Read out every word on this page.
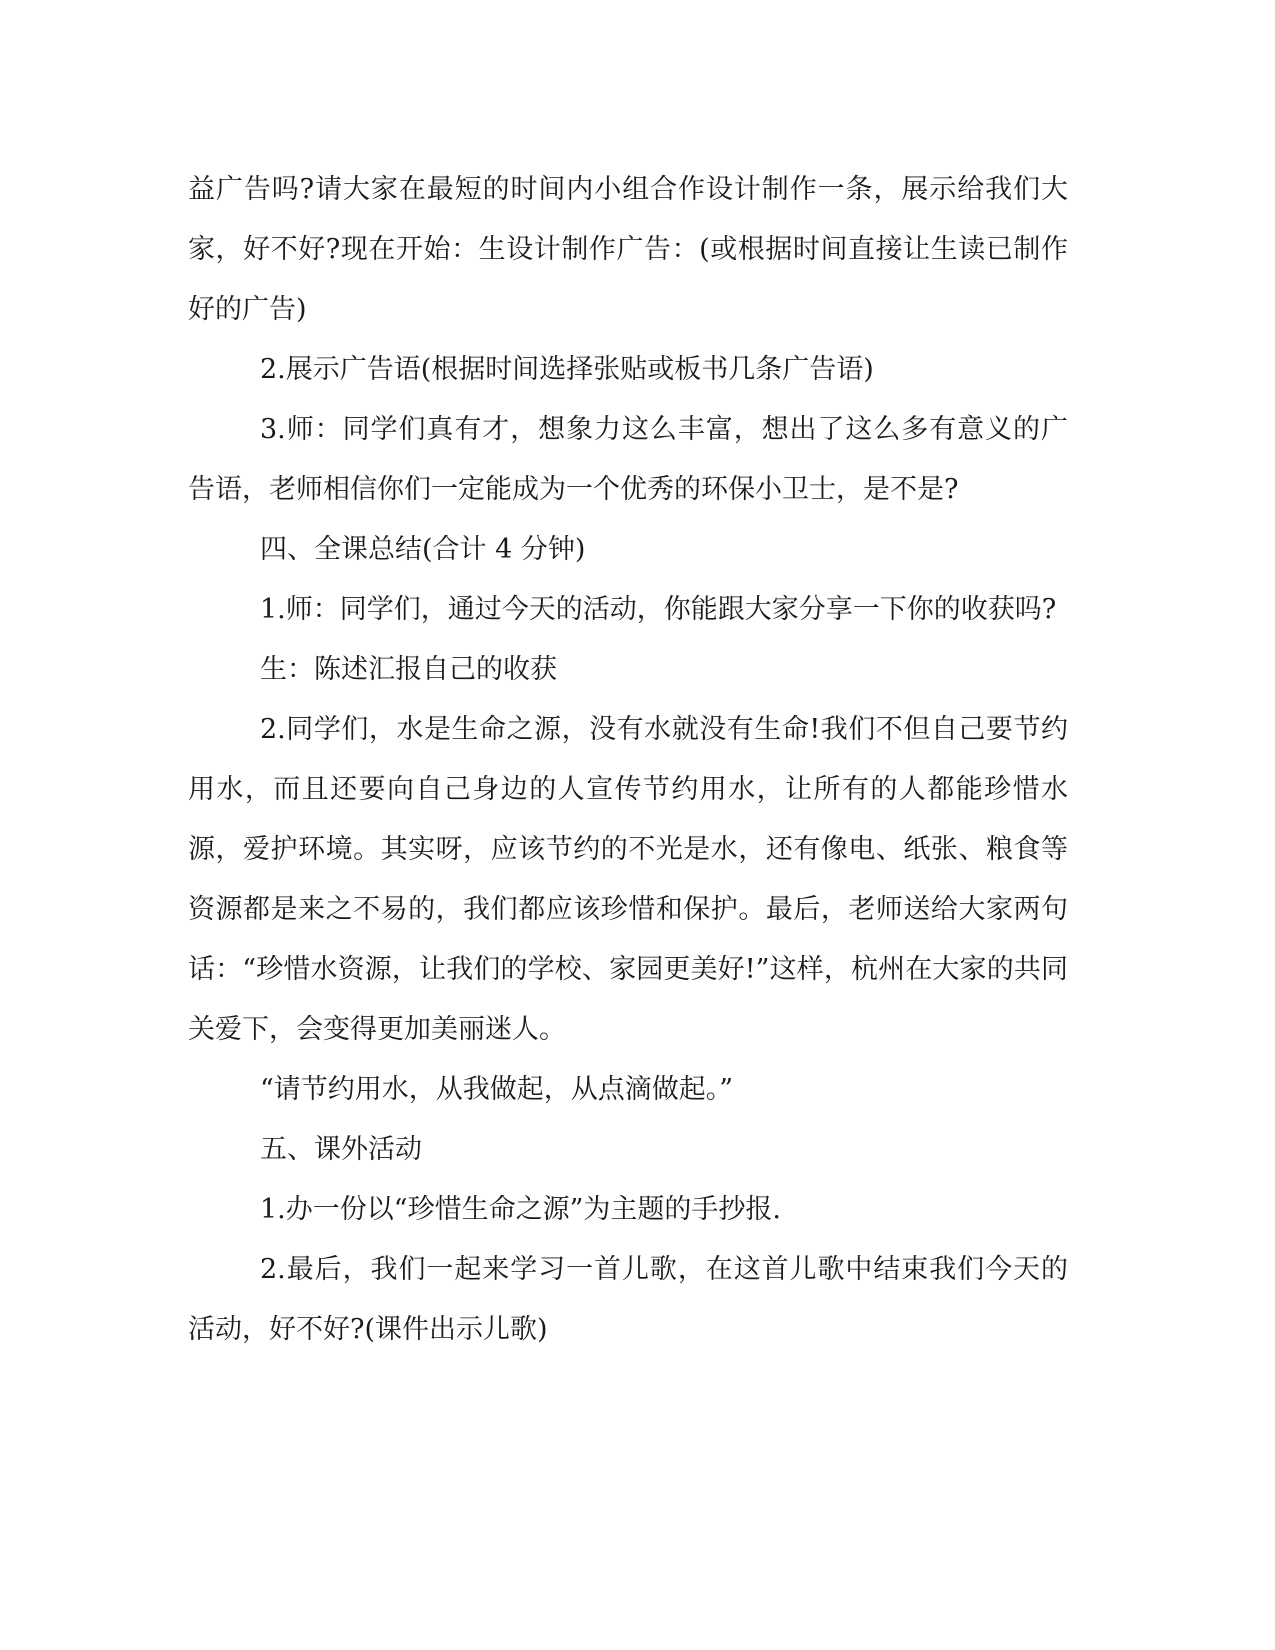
益广告吗?请大家在最短的时间内小组合作设计制作一条，展示给我们大家，好不好?现在开始：生设计制作广告：(或根据时间直接让生读已制作好的广告)

2.展示广告语(根据时间选择张贴或板书几条广告语)

3.师：同学们真有才，想象力这么丰富，想出了这么多有意义的广告语，老师相信你们一定能成为一个优秀的环保小卫士，是不是?

四、全课总结(合计 4 分钟)

1.师：同学们，通过今天的活动，你能跟大家分享一下你的收获吗?

生：陈述汇报自己的收获

2.同学们，水是生命之源，没有水就没有生命!我们不但自己要节约用水，而且还要向自己身边的人宣传节约用水，让所有的人都能珍惜水源，爱护环境。其实呀，应该节约的不光是水，还有像电、纸张、粮食等资源都是来之不易的，我们都应该珍惜和保护。最后，老师送给大家两句话：“珍惜水资源，让我们的学校、家园更美好!”这样，杭州在大家的共同关爱下，会变得更加美丽迷人。

“请节约用水，从我做起，从点滴做起。”

五、课外活动

1.办一份以“珍惜生命之源”为主题的手抄报.

2.最后，我们一起来学习一首儿歌，在这首儿歌中结束我们今天的活动，好不好?(课件出示儿歌)
